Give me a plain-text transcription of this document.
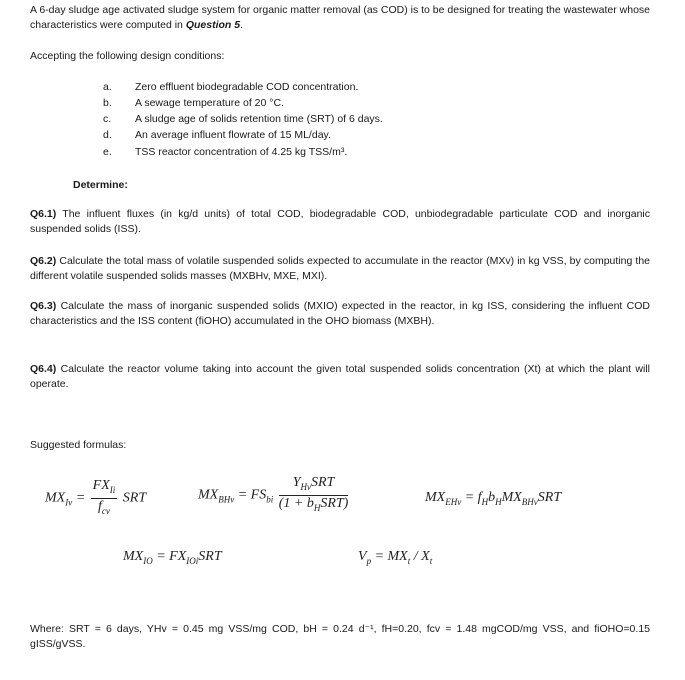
A 6-day sludge age activated sludge system for organic matter removal (as COD) is to be designed for treating the wastewater whose characteristics were computed in Question 5.
Accepting the following design conditions:
a. Zero effluent biodegradable COD concentration.
b. A sewage temperature of 20 °C.
c. A sludge age of solids retention time (SRT) of 6 days.
d. An average influent flowrate of 15 ML/day.
e. TSS reactor concentration of 4.25 kg TSS/m³.
Determine:
Q6.1) The influent fluxes (in kg/d units) of total COD, biodegradable COD, unbiodegradable particulate COD and inorganic suspended solids (ISS).
Q6.2) Calculate the total mass of volatile suspended solids expected to accumulate in the reactor (MXv) in kg VSS, by computing the different volatile suspended solids masses (MXBHv, MXE, MXI).
Q6.3) Calculate the mass of inorganic suspended solids (MXIO) expected in the reactor, in kg ISS, considering the influent COD characteristics and the ISS content (fiOHO) accumulated in the OHO biomass (MXBH).
Q6.4) Calculate the reactor volume taking into account the given total suspended solids concentration (Xt) at which the plant will operate.
Suggested formulas:
$MX_{Iv}$ =
$FX_{Ii}$
$f_{cv}$
SRT	$MX_{BHv} = FS_{bi}$
$Y_{Hv}SRT$
$(1 + b_HSRT)$	$MX_{EHv} = f_Hb_HMX_{BHv}SRT$
$MX_{IO} = FX_{IOi}SRT$	$V_p = MX_t / X_t$
Where: SRT = 6 days, YHv = 0.45 mg VSS/mg COD, bH = 0.24 d⁻¹, fH=0.20, fcv = 1.48 mgCOD/mg VSS, and fiOHO=0.15 gISS/gVSS.
